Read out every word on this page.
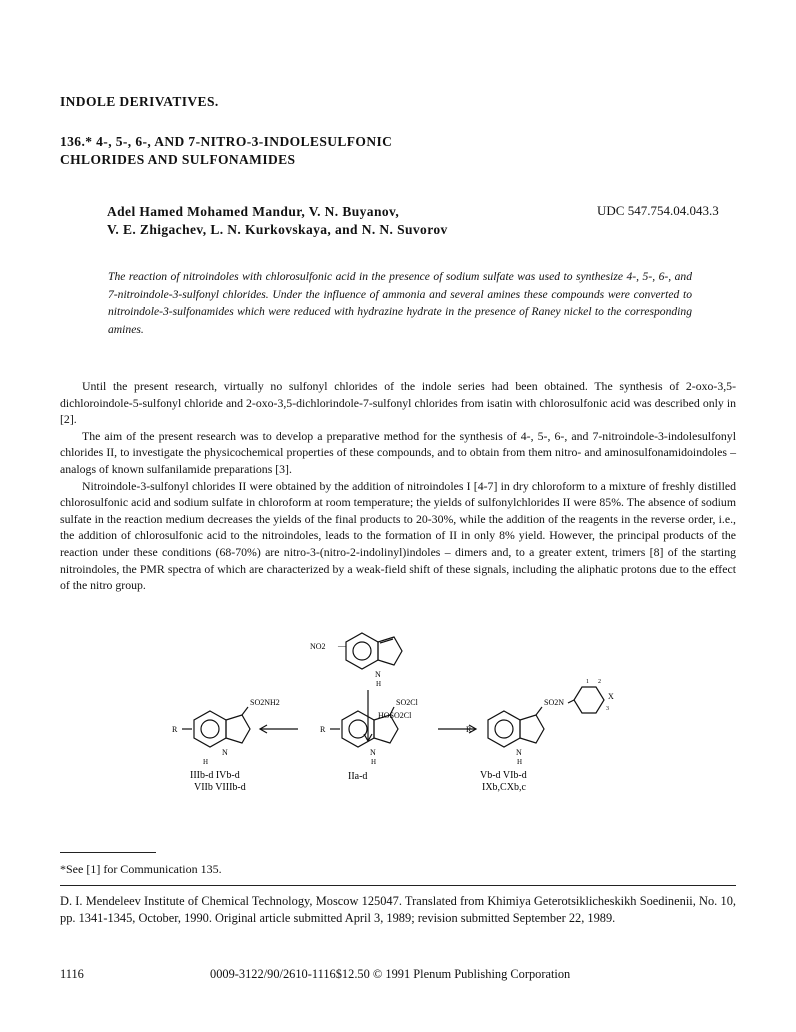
INDOLE DERIVATIVES.
136.* 4-, 5-, 6-, AND 7-NITRO-3-INDOLESULFONIC
CHLORIDES AND SULFONAMIDES
Adel Hamed Mohamed Mandur, V. N. Buyanov,
V. E. Zhigachev, L. N. Kurkovskaya, and N. N. Suvorov
UDC 547.754.04.043.3
The reaction of nitroindoles with chlorosulfonic acid in the presence of sodium sulfate was used to synthesize 4-, 5-, 6-, and 7-nitroindole-3-sulfonyl chlorides. Under the influence of ammonia and several amines these compounds were converted to nitroindole-3-sulfonamides which were reduced with hydrazine hydrate in the presence of Raney nickel to the corresponding amines.

Until the present research, virtually no sulfonyl chlorides of the indole series had been obtained. The synthesis of 2-oxo-3,5-dichloroindole-5-sulfonyl chloride and 2-oxo-3,5-dichlorindole-7-sulfonyl chlorides from isatin with chlorosulfonic acid was described only in [2].

The aim of the present research was to develop a preparative method for the synthesis of 4-, 5-, 6-, and 7-nitroindole-3-indolesulfonyl chlorides II, to investigate the physicochemical properties of these compounds, and to obtain from them nitro- and aminosulfonamidoindoles – analogs of known sulfanilamide preparations [3].

Nitroindole-3-sulfonyl chlorides II were obtained by the addition of nitroindoles I [4-7] in dry chloroform to a mixture of freshly distilled chlorosulfonic acid and sodium sulfate in chloroform at room temperature; the yields of sulfonylchlorides II were 85%. The absence of sodium sulfate in the reaction medium decreases the yields of the final products to 20-30%, while the addition of the reagents in the reverse order, i.e., the addition of chlorosulfonic acid to the nitroindoles, leads to the formation of II in only 8% yield. However, the principal products of the reaction under these conditions (68-70%) are nitro-3-(nitro-2-indolinyl)indoles – dimers and, to a greater extent, trimers [8] of the starting nitroindoles, the PMR spectra of which are characterized by a weak-field shift of these signals, including the aliphatic protons due to the effect of the nitro group.

NO2 —
N
H
HOSO2Cl
SO2Cl
R
N
H
IIa-d
SO2NH2
R
N
H
IIIb-d IVb-d
VIIb VIIIb-d
SO2N
X
1 2
3
R
N
H
Vb-d VIb-d
IXb,CXb,c
*See [1] for Communication 135.
D. I. Mendeleev Institute of Chemical Technology, Moscow 125047. Translated from Khimiya Geterotsiklicheskikh Soedinenii, No. 10, pp. 1341-1345, October, 1990. Original article submitted April 3, 1989; revision submitted September 22, 1989.
1116	0009-3122/90/2610-1116$12.50 © 1991 Plenum Publishing Corporation
